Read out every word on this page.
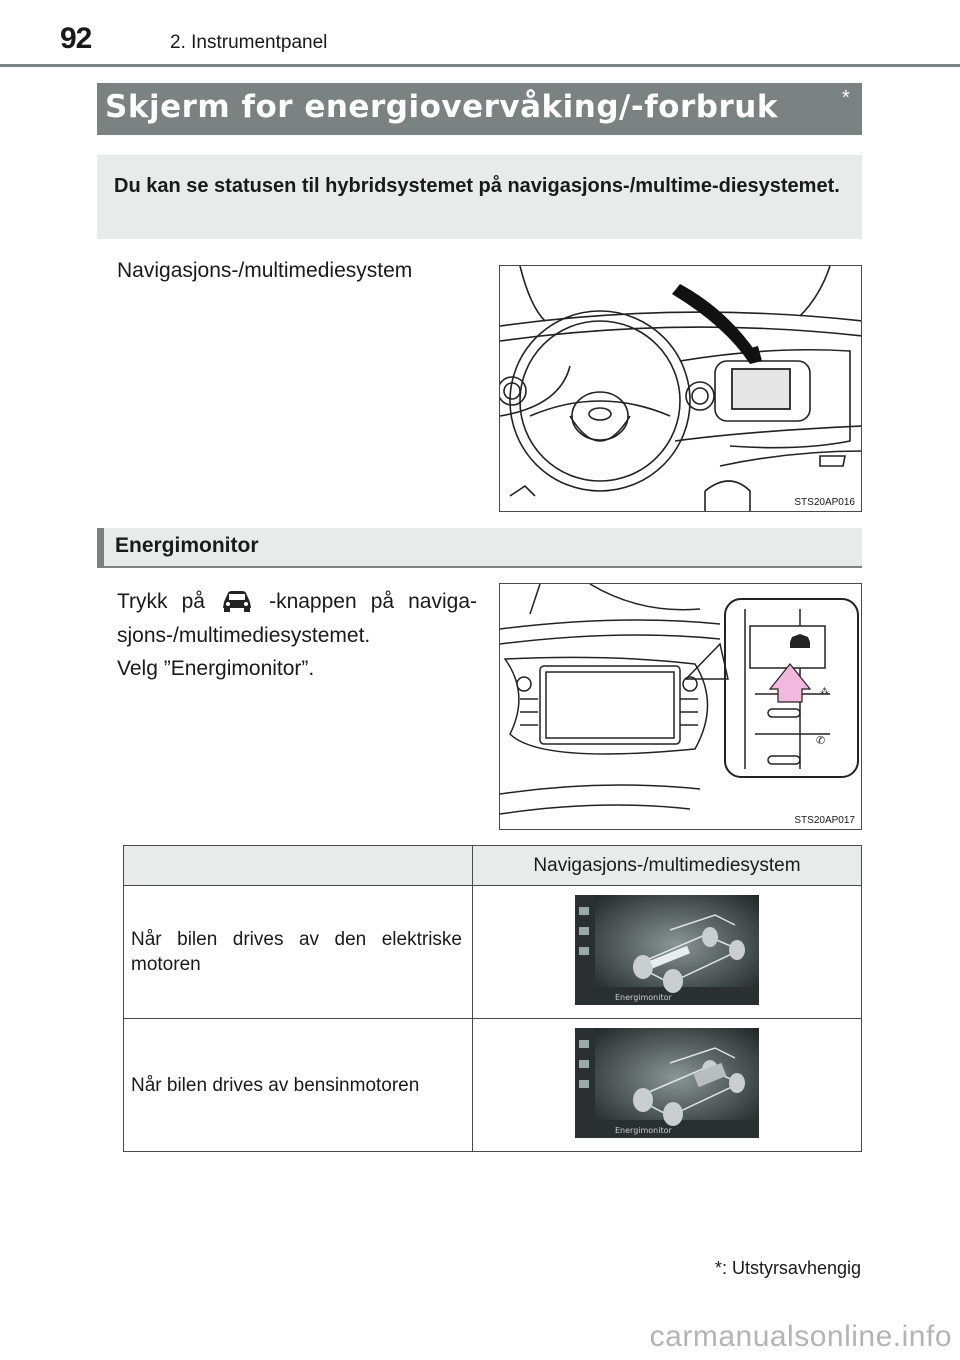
92	2. Instrumentpanel
Skjerm for energiovervåking/-forbruk	*
Du kan se statusen til hybridsystemet på navigasjons-/multime-diesystemet.
Navigasjons-/multimediesystem
STS20AP016
Energimonitor
Trykk på  -knappen på naviga-sjons-/multimediesystemet.
Velg ”Energimonitor”.
⁂
✆
STS20AP017
	Navigasjons-/multimediesystem
Når bilen drives av den elektriske motoren	Energimonitor

Når bilen drives av bensinmotoren	Energimonitor
*: Utstyrsavhengig
carmanualsonline.info
